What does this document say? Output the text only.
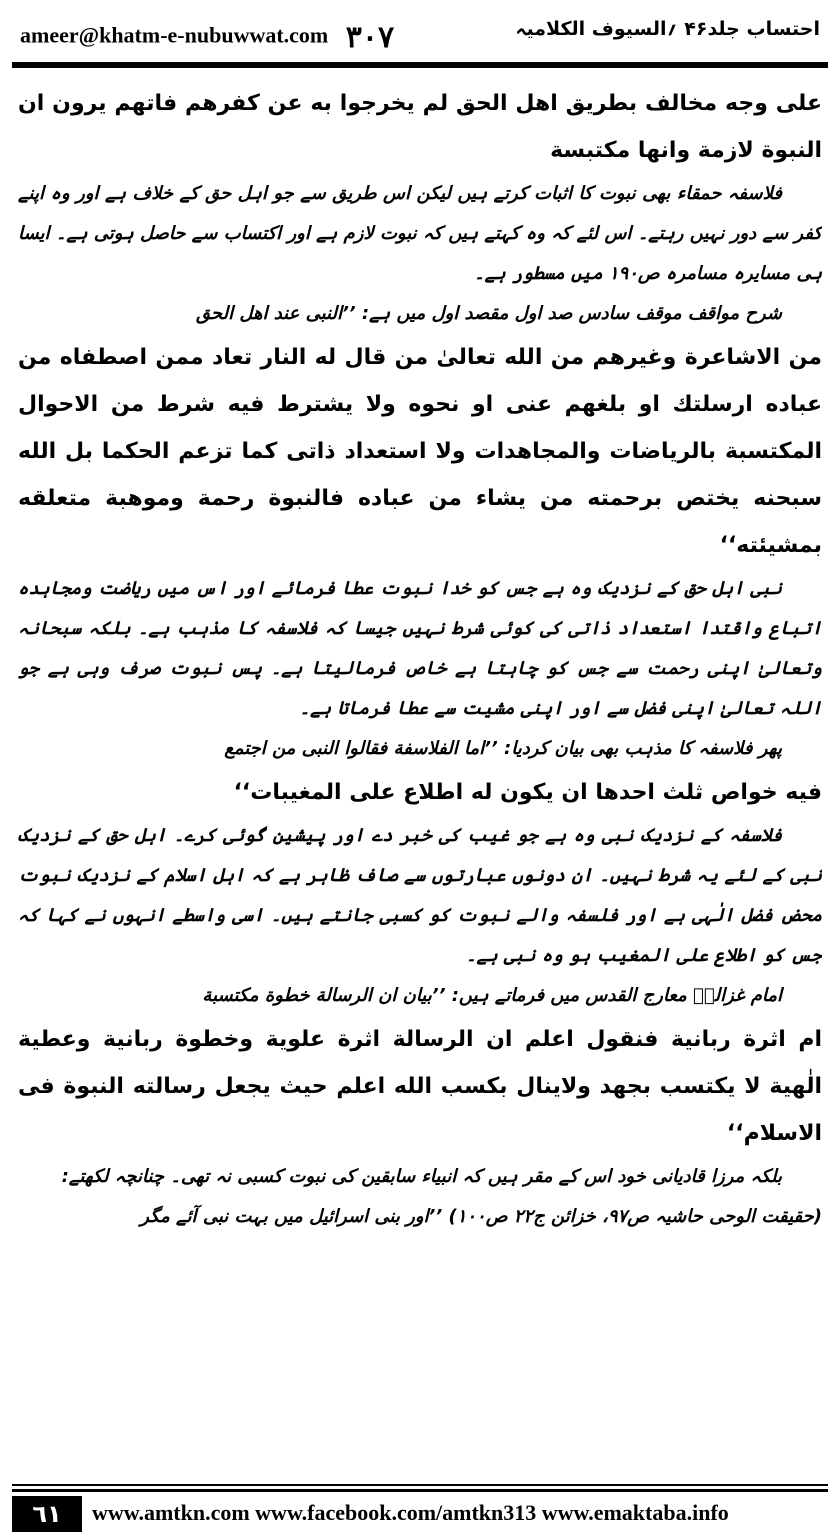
ameer@khatm-e-nubuwwat.com ۳۰۷	احتساب جلد۴۶ ؍السیوف الکلامیہ

علی وجه مخالف بطریق اهل الحق لم یخرجوا به عن کفرهم فاتهم یرون ان النبوة لازمة وانها مکتبسة

فلاسفہ حمقاء بھی نبوت کا اثبات کرتے ہیں لیکن اس طریق سے جو اہل حق کے خلاف ہے اور وہ اپنے کفر سے دور نہیں رہتے۔ اس لئے کہ وہ کہتے ہیں کہ نبوت لازم ہے اور اکتساب سے حاصل ہوتی ہے۔ ایسا ہی مسایرہ مسامرہ ص۱۹۰ میں مسطور ہے۔

شرح مواقف موقف سادس صد اول مقصد اول میں ہے: ’’النبی عند اهل الحق

من الاشاعرة وغیرهم من الله تعالیٰ من قال له النار تعاد ممن اصطفاه من عباده ارسلتك او بلغهم عنی او نحوه ولا یشترط فیه شرط من الاحوال المکتسبة بالریاضات والمجاهدات ولا استعداد ذاتی کما تزعم الحکما بل الله سبحنه یختص برحمته من یشاء من عباده فالنبوة رحمة وموهبة متعلقه بمشیئته‘‘

نبی اہل حق کے نزدیک وہ ہے جس کو خدا نبوت عطا فرمائے اور اس میں ریاضت ومجاہدہ اتباع واقتدا استعداد ذاتی کی کوئی شرط نہیں جیسا کہ فلاسفہ کا مذہب ہے۔ بلکہ سبحانہ وتعالیٰ اپنی رحمت سے جس کو چاہتا ہے خاص فرمالیتا ہے۔ پس نبوت صرف وہی ہے جو اللہ تعالیٰ اپنی فضل سے اور اپنی مشیت سے عطا فرماتا ہے۔

پھر فلاسفہ کا مذہب بھی بیان کردیا: ’’اما الفلاسفة فقالوا النبی من اجتمع

فیه خواص ثلث احدها ان یکون له اطلاع علی المغیبات‘‘

فلاسفہ کے نزدیک نبی وہ ہے جو غیب کی خبر دے اور پیشین گوئی کرے۔ اہل حق کے نزدیک نبی کے لئے یہ شرط نہیں۔ ان دونوں عبارتوں سے صاف ظاہر ہے کہ اہل اسلام کے نزدیک نبوت محض فضل الٰہی ہے اور فلسفہ والے نبوت کو کسبی جانتے ہیں۔ اسی واسطے انہوں نے کہا کہ جس کو اطلاع علی المغیب ہو وہ نبی ہے۔

امام غزالیؒ معارج القدس میں فرماتے ہیں: ’’بیان ان الرسالة خطوة مکتسبة

ام اثرة ربانیة فنقول اعلم ان الرسالة اثرة علویة وخطوة ربانیة وعطیة الٰهیة لا یکتسب بجهد ولاینال بکسب الله اعلم حیث یجعل رسالته النبوة فی الاسلام‘‘

بلکہ مرزا قادیانی خود اس کے مقر ہیں کہ انبیاء سابقین کی نبوت کسبی نہ تھی۔ چنانچہ لکھتے:

(حقیقت الوحی حاشیہ ص۹۷، خزائن ج۲۲ ص۱۰۰) ’’اور بنی اسرائیل میں بہت نبی آئے مگر

٦١	www.amtkn.com www.facebook.com/amtkn313 www.emaktaba.info
